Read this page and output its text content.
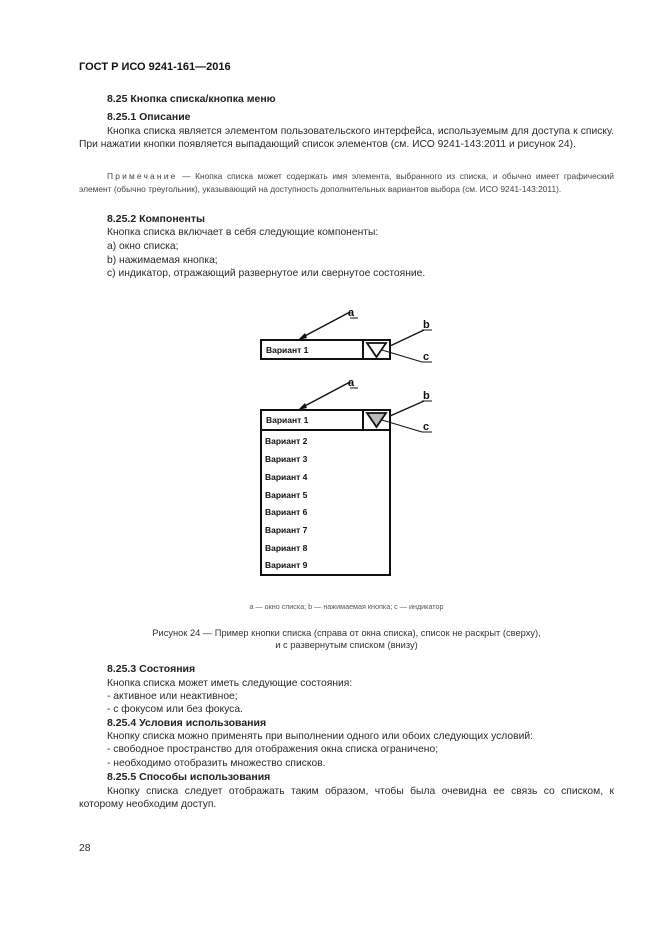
ГОСТ Р ИСО 9241-161—2016
8.25 Кнопка списка/кнопка меню
8.25.1 Описание

Кнопка списка является элементом пользовательского интерфейса, используемым для доступа к списку. При нажатии кнопки появляется выпадающий список элементов (см. ИСО 9241-143:2011 и рисунок 24).

Примечание — Кнопка списка может содержать имя элемента, выбранного из списка, и обычно имеет графический элемент (обычно треугольник), указывающий на доступность дополнительных вариантов выбора (см. ИСО 9241-143:2011).

8.25.2 Компоненты
Кнопка списка включает в себя следующие компоненты:
a) окно списка;
b) нажимаемая кнопка;
c) индикатор, отражающий развернутое или свернутое состояние.
Вариант 1
a
b
c
Вариант 1
Вариант 2
Вариант 3
Вариант 4
Вариант 5
Вариант 6
Вариант 7
Вариант 8
Вариант 9
a
b
c
a — окно списка; b — нажимаемая кнопка; c — индикатор
Рисунок 24 — Пример кнопки списка (справа от окна списка), список не раскрыт (сверху),
и с развернутым списком (внизу)
8.25.3 Состояния
Кнопка списка может иметь следующие состояния:
- активное или неактивное;
- с фокусом или без фокуса.
8.25.4 Условия использования
Кнопку списка можно применять при выполнении одного или обоих следующих условий:
- свободное пространство для отображения окна списка ограничено;
- необходимо отобразить множество списков.
8.25.5 Способы использования

Кнопку списка следует отображать таким образом, чтобы была очевидна ее связь со списком, к которому необходим доступ.

28
